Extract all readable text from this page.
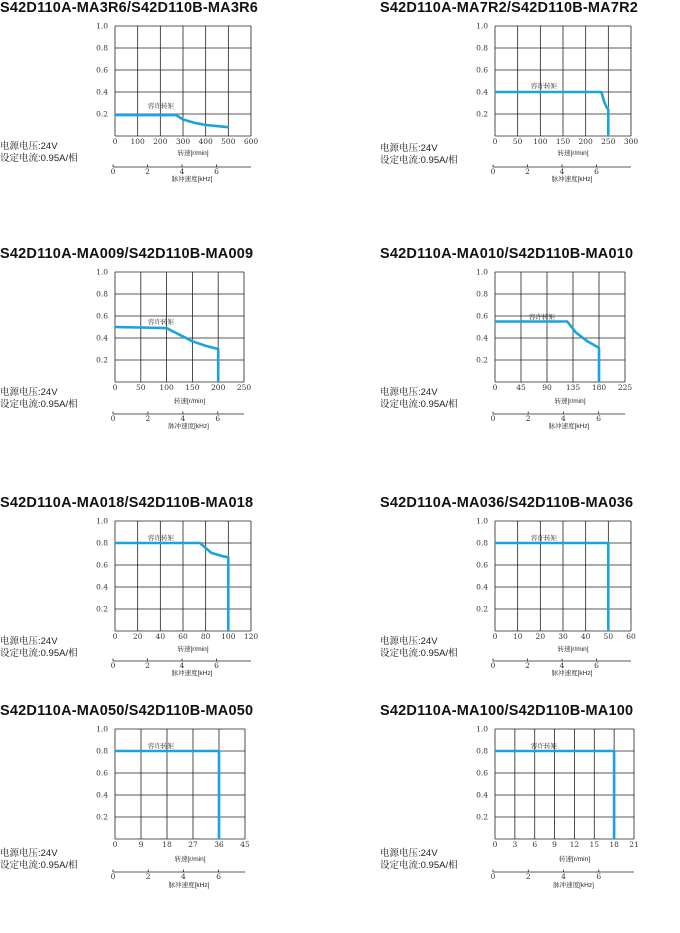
S42D110A-MA3R6/S42D110B-MA3R6
1.0
0.8
0.6
0.4
0.2
0 100 200 300 400 500 600
转速[r/min]
0	2	4	6
脉冲速度[kHz]
容许转矩
电源电压:24V
设定电流:0.95A/相
S42D110A-MA7R2/S42D110B-MA7R2
1.0
0.8
0.6
0.4
0.2
0 50 100 150 200 250 300
转速[r/min]
0	2	4	6
脉冲速度[kHz]
容许转矩
电源电压:24V
设定电流:0.95A/相
S42D110A-MA009/S42D110B-MA009
1.0
0.8
0.6
0.4
0.2
0 50 100 150 200 250
转速[r/min]
0	2	4	6
脉冲速度[kHz]
容许转矩
电源电压:24V
设定电流:0.95A/相
S42D110A-MA010/S42D110B-MA010
1.0
0.8
0.6
0.4
0.2
0	45 90 135 180 225
转速[r/min]
0	2	4	6
脉冲速度[kHz]
容许转矩
电源电压:24V
设定电流:0.95A/相
S42D110A-MA018/S42D110B-MA018
1.0
0.8
0.6
0.4
0.2
0 20 40 60 80 100 120
转速[r/min]
0	2	4	6
脉冲速度[kHz]
容许转矩
电源电压:24V
设定电流:0.95A/相
S42D110A-MA036/S42D110B-MA036
1.0
0.8
0.6
0.4
0.2
0 10 20 30 40 50 60
转速[r/min]
0	2	4	6
脉冲速度[kHz]
容许转矩
电源电压:24V
设定电流:0.95A/相
S42D110A-MA050/S42D110B-MA050
1.0
0.8
0.6
0.4
0.2
0	9	18 27 36 45
转速[r/min]
0	2	4	6
脉冲速度[kHz]
容许转矩
电源电压:24V
设定电流:0.95A/相
S42D110A-MA100/S42D110B-MA100
1.0
0.8
0.6
0.4
0.2
0 3 6 9 12 15 18 21
转速[r/min]
0	2	4	6
脉冲速度[kHz]
容许转矩
电源电压:24V
设定电流:0.95A/相
